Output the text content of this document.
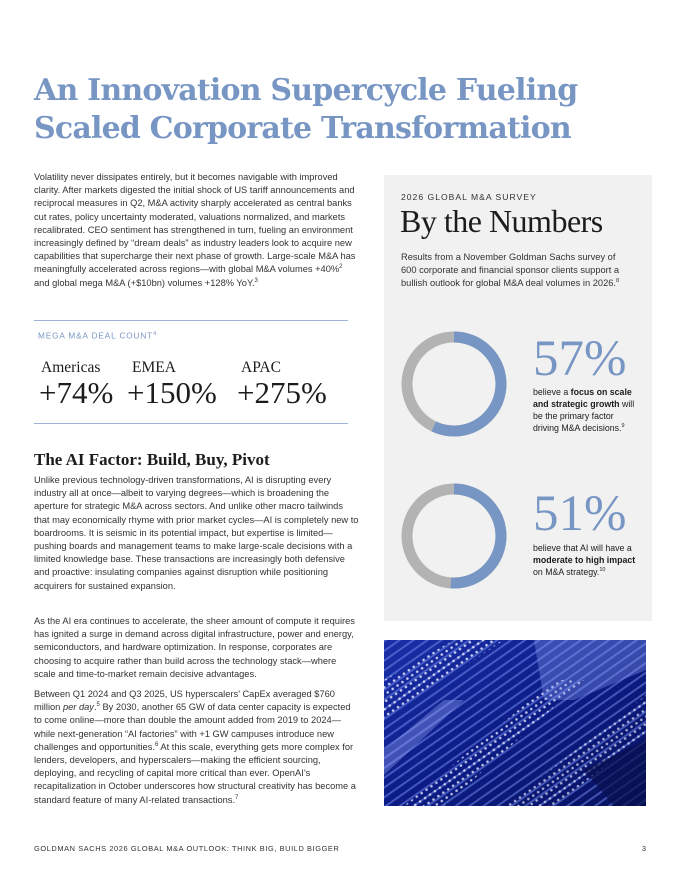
An Innovation Supercycle Fueling Scaled Corporate Transformation

Volatility never dissipates entirely, but it becomes navigable with improved clarity. After markets digested the initial shock of US tariff announcements and reciprocal measures in Q2, M&A activity sharply accelerated as central banks cut rates, policy uncertainty moderated, valuations normalized, and markets recalibrated. CEO sentiment has strengthened in turn, fueling an environment increasingly defined by “dream deals” as industry leaders look to acquire new capabilities that supercharge their next phase of growth. Large-scale M&A has meaningfully accelerated across regions—with global M&A volumes +40%$^2$ and global mega M&A (+$10bn) volumes +128% YoY.$^3$

MEGA M&A DEAL COUNT$^4$
Americas
+74%
EMEA
+150%
APAC
+275%
The AI Factor: Build, Buy, Pivot

Unlike previous technology-driven transformations, AI is disrupting every industry all at once—albeit to varying degrees—which is broadening the aperture for strategic M&A across sectors. And unlike other macro tailwinds that may economically rhyme with prior market cycles—AI is completely new to boardrooms. It is seismic in its potential impact, but expertise is limited—pushing boards and management teams to make large-scale decisions with a limited knowledge base. These transactions are increasingly both defensive and proactive: insulating companies against disruption while positioning acquirers for sustained expansion.

As the AI era continues to accelerate, the sheer amount of compute it requires has ignited a surge in demand across digital infrastructure, power and energy, semiconductors, and hardware optimization. In response, corporates are choosing to acquire rather than build across the technology stack—where scale and time-to-market remain decisive advantages.

Between Q1 2024 and Q3 2025, US hyperscalers’ CapEx averaged $760 million per day.$^5$ By 2030, another 65 GW of data center capacity is expected to come online—more than double the amount added from 2019 to 2024—while next-generation “AI factories” with +1 GW campuses introduce new challenges and opportunities.$^6$ At this scale, everything gets more complex for lenders, developers, and hyperscalers—making the efficient sourcing, deploying, and recycling of capital more critical than ever. OpenAI’s recapitalization in October underscores how structural creativity has become a standard feature of many AI-related transactions.$^7$

2026 GLOBAL M&A SURVEY
By the Numbers

Results from a November Goldman Sachs survey of 600 corporate and financial sponsor clients support a bullish outlook for global M&A deal volumes in 2026.$^8$

57%

believe a focus on scale and strategic growth will be the primary factor driving M&A decisions.$^9$

51%

believe that AI will have a moderate to high impact on M&A strategy.$^{10}$

GOLDMAN SACHS 2026 GLOBAL M&A OUTLOOK: THINK BIG, BUILD BIGGER	3
